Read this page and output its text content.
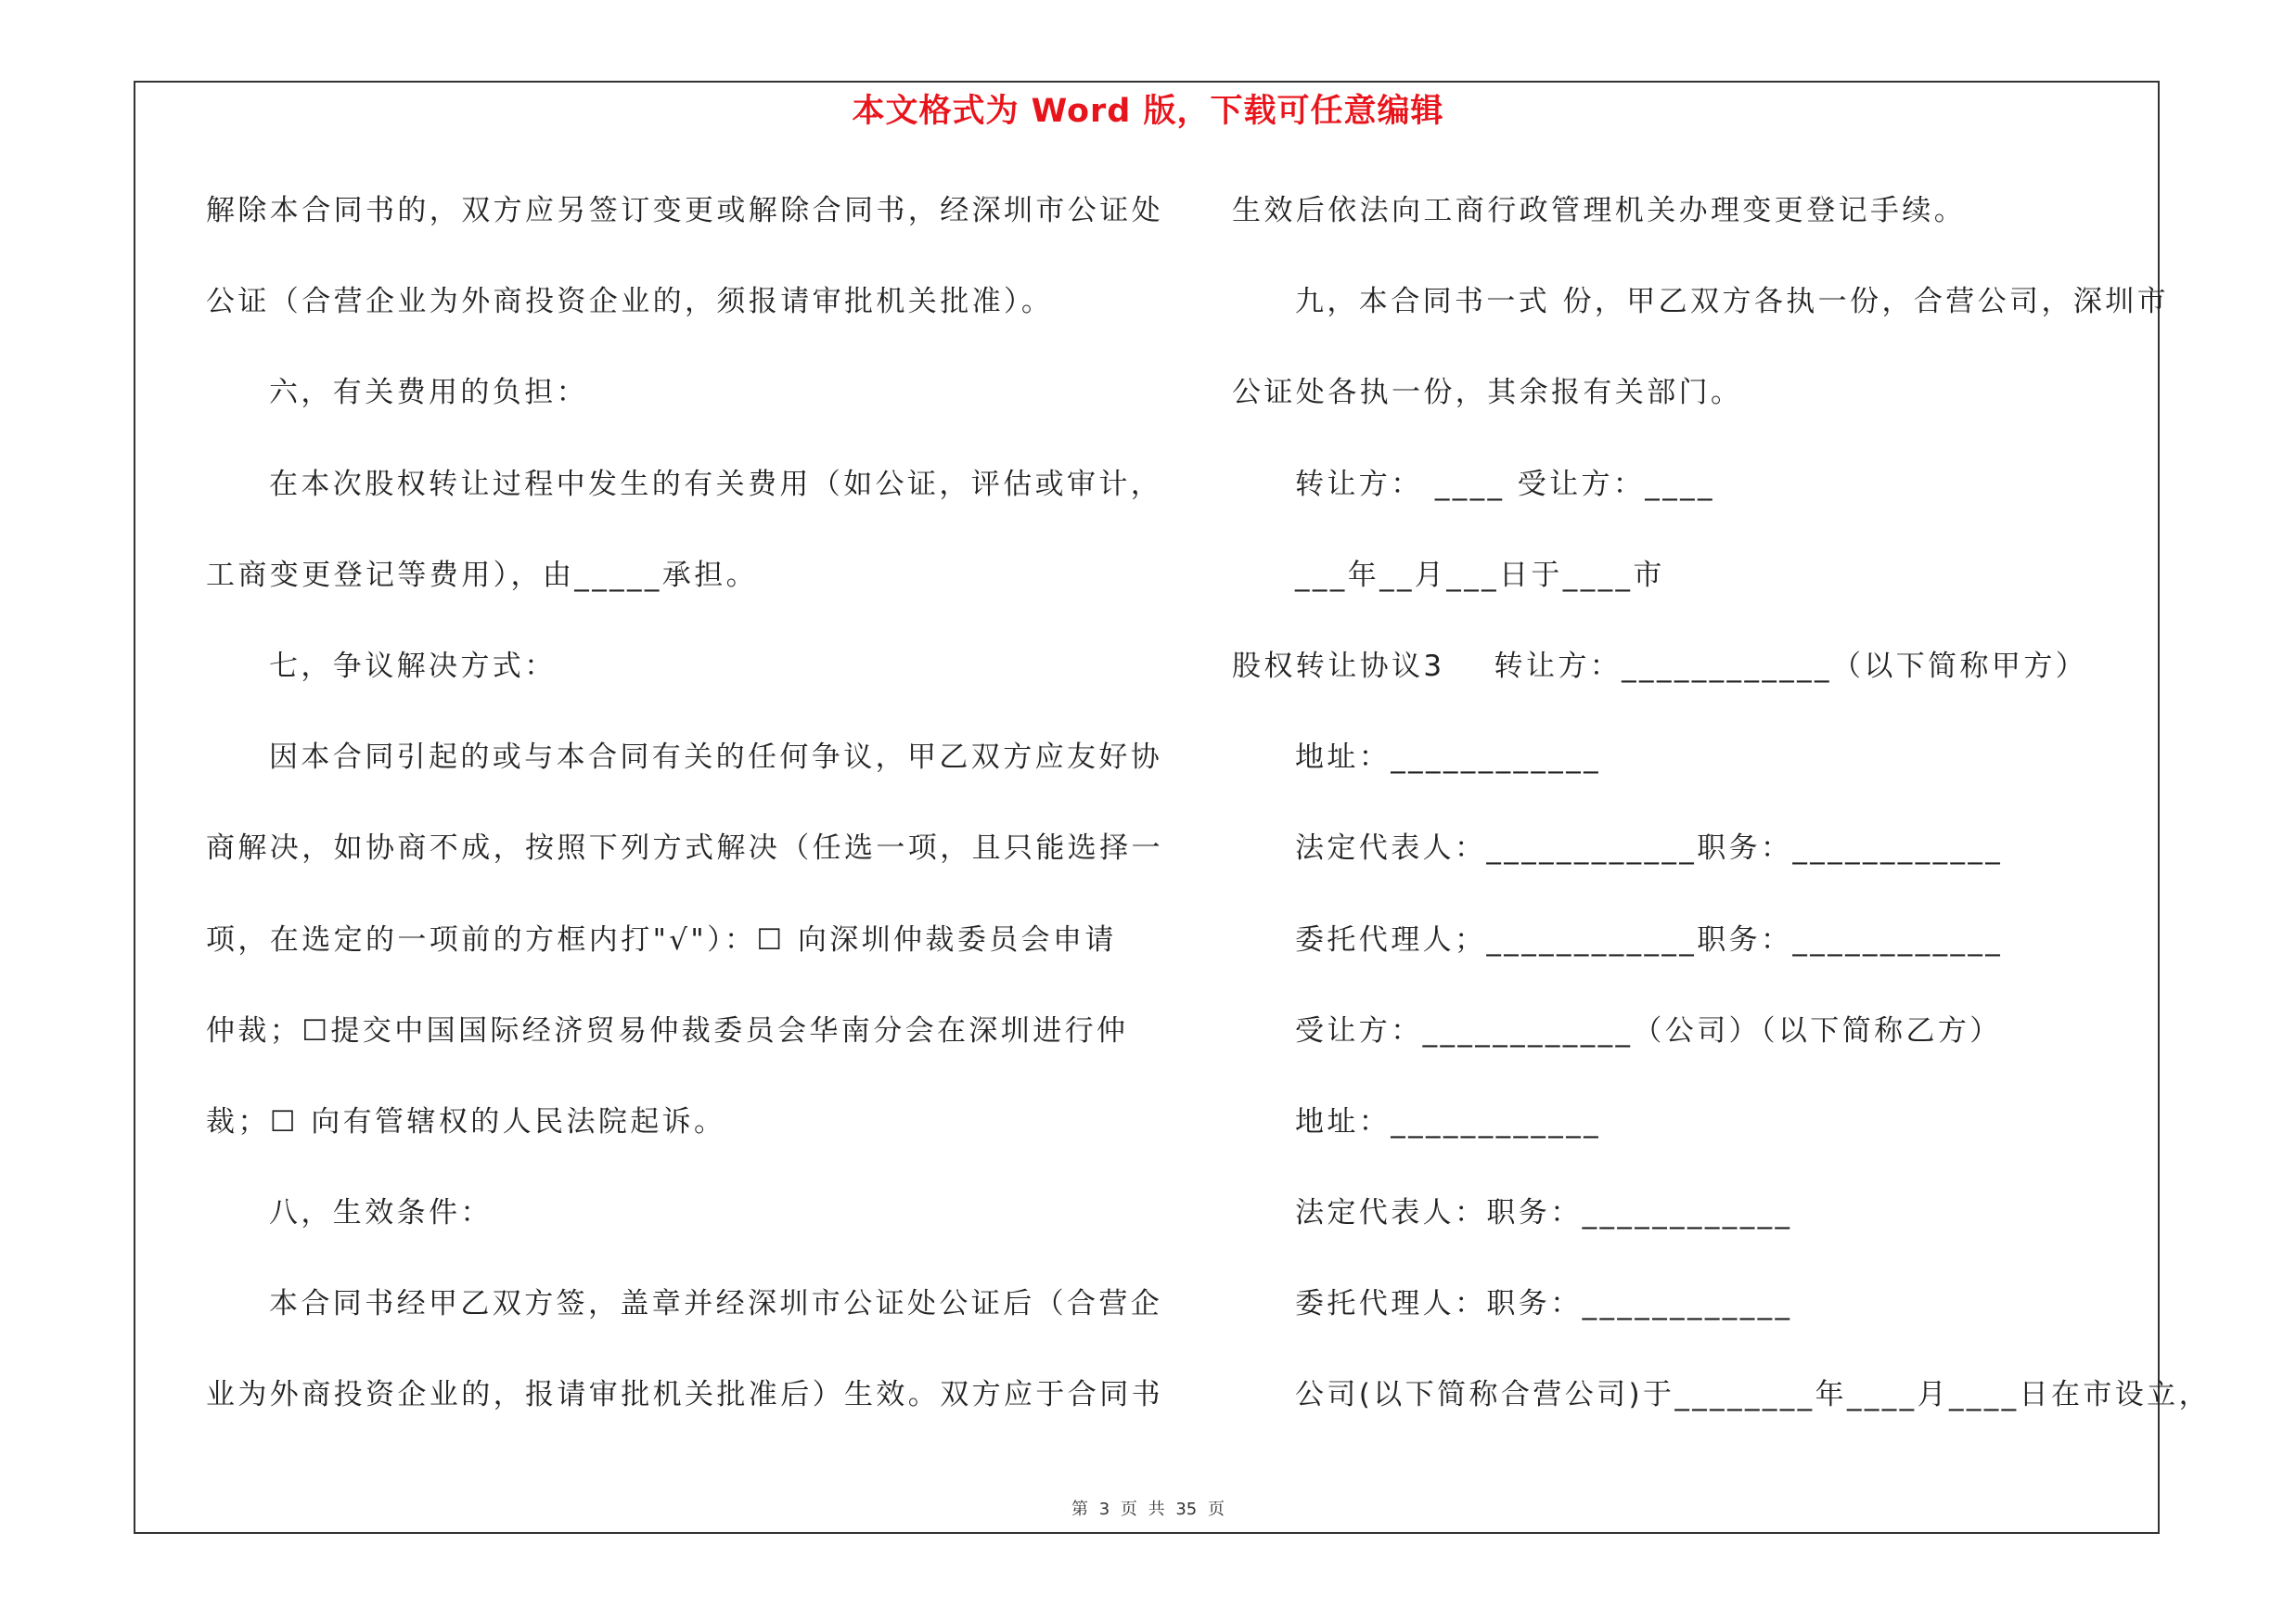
本文格式为 Word 版，下载可任意编辑
解除本合同书的，双方应另签订变更或解除合同书，经深圳市公证处
公证（合营企业为外商投资企业的，须报请审批机关批准）。
六，有关费用的负担：
在本次股权转让过程中发生的有关费用（如公证，评估或审计，
工商变更登记等费用），由_____承担。
七，争议解决方式：
因本合同引起的或与本合同有关的任何争议，甲乙双方应友好协
商解决，如协商不成，按照下列方式解决（任选一项，且只能选择一
项，在选定的一项前的方框内打"√"）：☐ 向深圳仲裁委员会申请
仲裁；☐提交中国国际经济贸易仲裁委员会华南分会在深圳进行仲
裁；☐ 向有管辖权的人民法院起诉。
八，生效条件：
本合同书经甲乙双方签，盖章并经深圳市公证处公证后（合营企
业为外商投资企业的，报请审批机关批准后）生效。双方应于合同书
生效后依法向工商行政管理机关办理变更登记手续。
九，本合同书一式 份，甲乙双方各执一份，合营公司，深圳市
公证处各执一份，其余报有关部门。
转让方： ____ 受让方：____
___年__月___日于____市
股权转让协议3    转让方：____________（以下简称甲方）
地址：____________
法定代表人：____________职务：____________
委托代理人；____________职务：____________
受让方：____________（公司）（以下简称乙方）
地址：____________
法定代表人：职务：____________
委托代理人：职务：____________
公司(以下简称合营公司)于________年____月____日在市设立，
第 3 页 共 35 页
